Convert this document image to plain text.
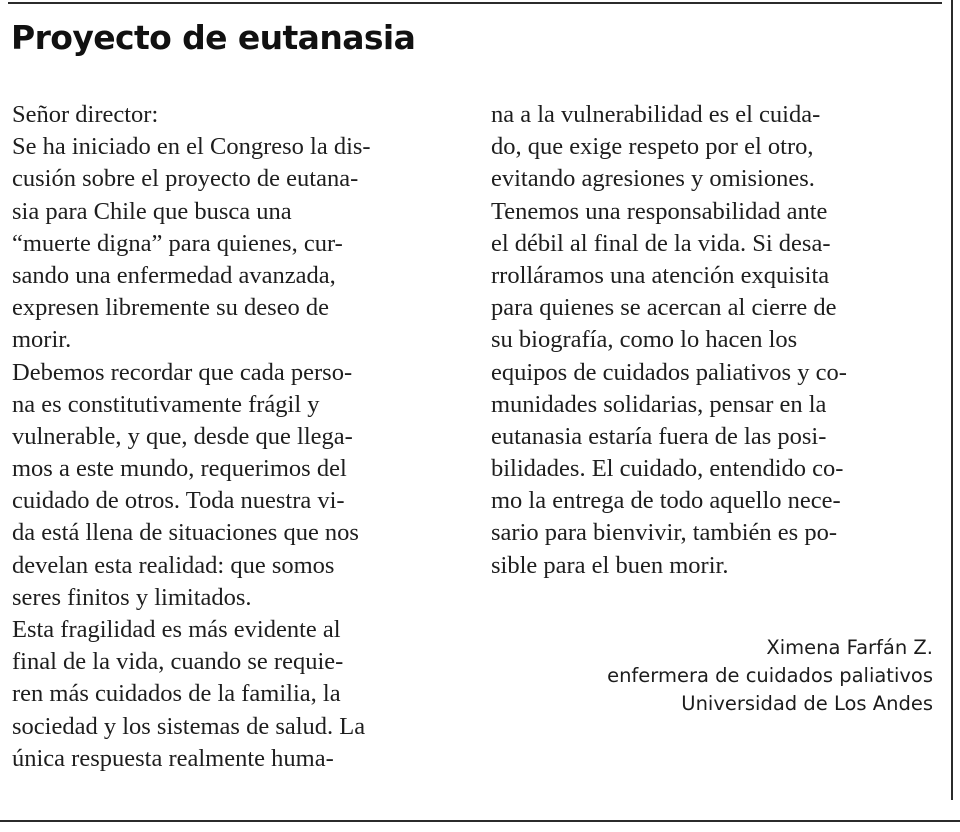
Proyecto de eutanasia
Señor director:
Se ha iniciado en el Congreso la dis-
cusión sobre el proyecto de eutana-
sia para Chile que busca una
“muerte digna” para quienes, cur-
sando una enfermedad avanzada,
expresen libremente su deseo de
morir.
Debemos recordar que cada perso-
na es constitutivamente frágil y
vulnerable, y que, desde que llega-
mos a este mundo, requerimos del
cuidado de otros. Toda nuestra vi-
da está llena de situaciones que nos
develan esta realidad: que somos
seres finitos y limitados.
Esta fragilidad es más evidente al
final de la vida, cuando se requie-
ren más cuidados de la familia, la
sociedad y los sistemas de salud. La
única respuesta realmente huma-
na a la vulnerabilidad es el cuida-
do, que exige respeto por el otro,
evitando agresiones y omisiones.
Tenemos una responsabilidad ante
el débil al final de la vida. Si desa-
rrolláramos una atención exquisita
para quienes se acercan al cierre de
su biografía, como lo hacen los
equipos de cuidados paliativos y co-
munidades solidarias, pensar en la
eutanasia estaría fuera de las posi-
bilidades. El cuidado, entendido co-
mo la entrega de todo aquello nece-
sario para bienvivir, también es po-
sible para el buen morir.
Ximena Farfán Z.
enfermera de cuidados paliativos
Universidad de Los Andes
